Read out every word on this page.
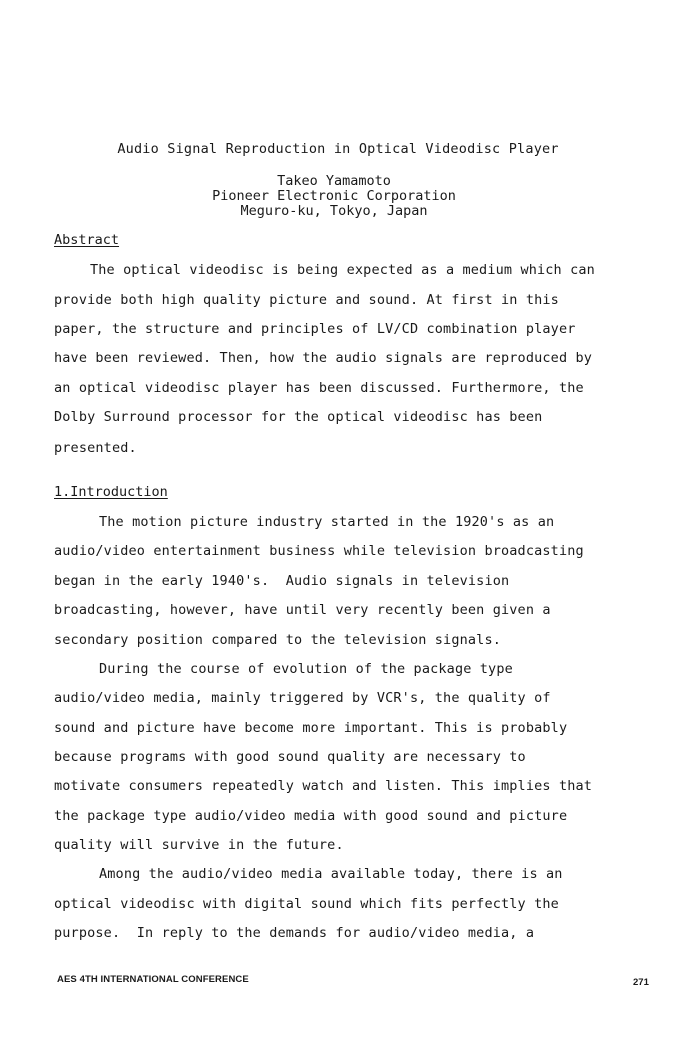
Audio Signal Reproduction in Optical Videodisc Player
Takeo Yamamoto
Pioneer Electronic Corporation
Meguro-ku, Tokyo, Japan
Abstract
The optical videodisc is being expected as a medium which can
provide both high quality picture and sound. At first in this
paper, the structure and principles of LV/CD combination player
have been reviewed. Then, how the audio signals are reproduced by
an optical videodisc player has been discussed. Furthermore, the
Dolby Surround processor for the optical videodisc has been
presented.
1.Introduction
The motion picture industry started in the 1920's as an
audio/video entertainment business while television broadcasting
began in the early 1940's.  Audio signals in television
broadcasting, however, have until very recently been given a
secondary position compared to the television signals.
During the course of evolution of the package type
audio/video media, mainly triggered by VCR's, the quality of
sound and picture have become more important. This is probably
because programs with good sound quality are necessary to
motivate consumers repeatedly watch and listen. This implies that
the package type audio/video media with good sound and picture
quality will survive in the future.
Among the audio/video media available today, there is an
optical videodisc with digital sound which fits perfectly the
purpose.  In reply to the demands for audio/video media, a
AES 4TH INTERNATIONAL CONFERENCE	271
